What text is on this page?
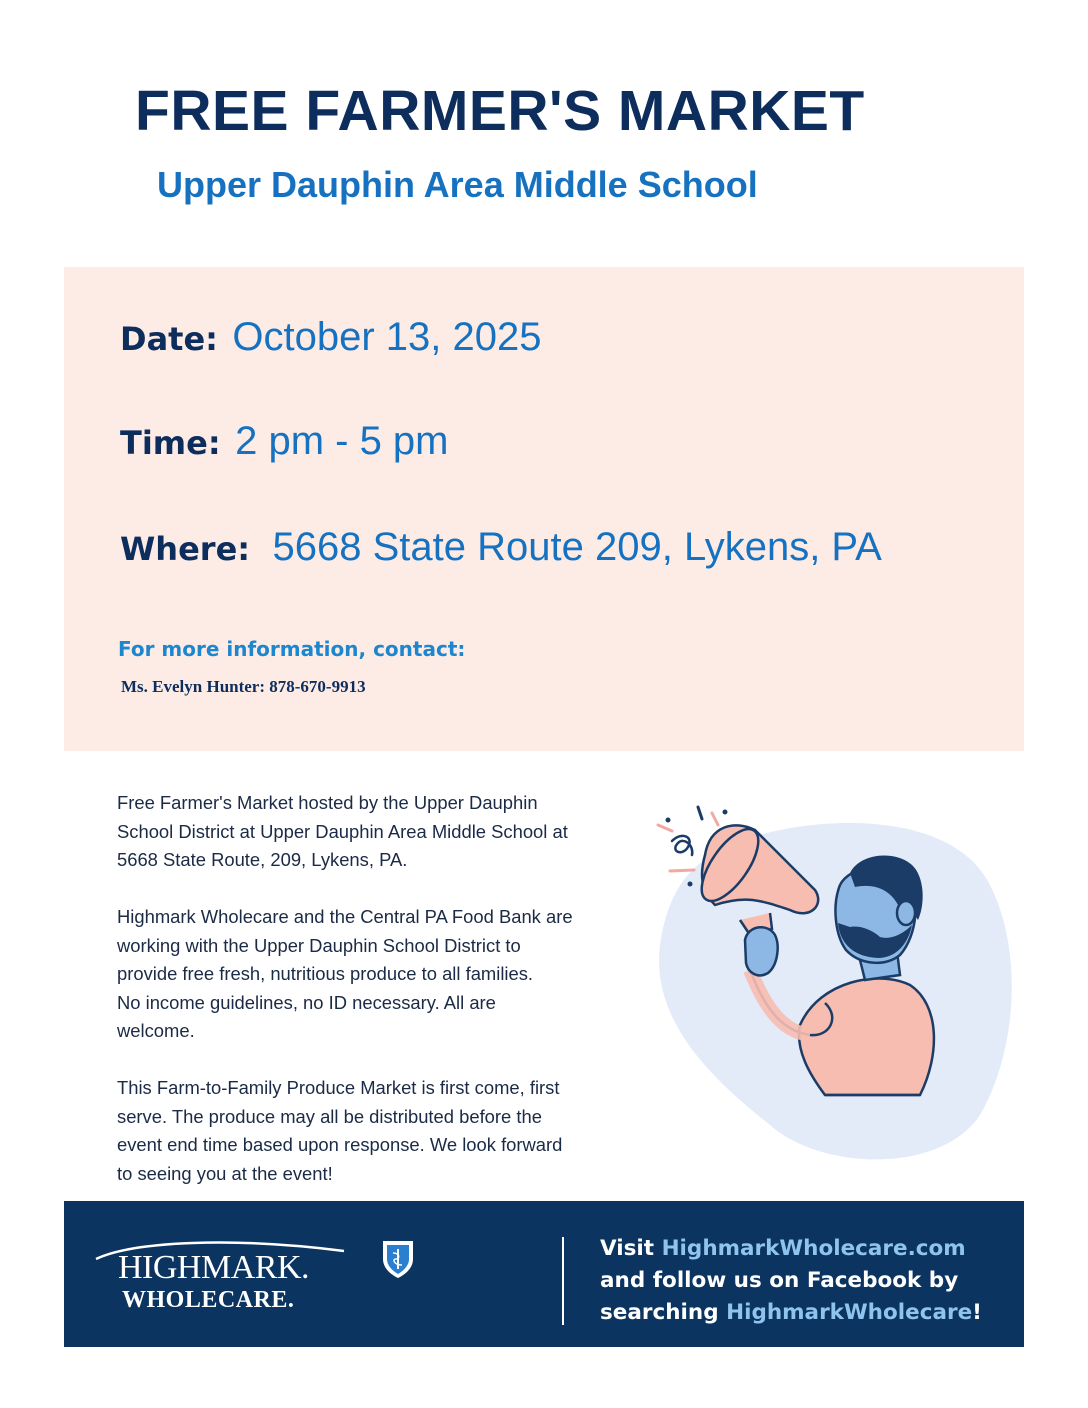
FREE FARMER'S MARKET
Upper Dauphin Area Middle School
Date: October 13, 2025
Time: 2 pm - 5 pm
Where: 5668 State Route 209, Lykens, PA
For more information, contact:
Ms. Evelyn Hunter: 878-670-9913

Free Farmer's Market hosted by the Upper Dauphin
School District at Upper Dauphin Area Middle School at
5668 State Route, 209, Lykens, PA.

Highmark Wholecare and the Central PA Food Bank are
working with the Upper Dauphin School District to
provide free fresh, nutritious produce to all families.
No income guidelines, no ID necessary. All are
welcome.

This Farm-to-Family Produce Market is first come, first
serve. The produce may all be distributed before the
event end time based upon response. We look forward
to seeing you at the event!

HIGHMARK.
WHOLECARE.
Visit HighmarkWholecare.com
and follow us on Facebook by
searching HighmarkWholecare!
